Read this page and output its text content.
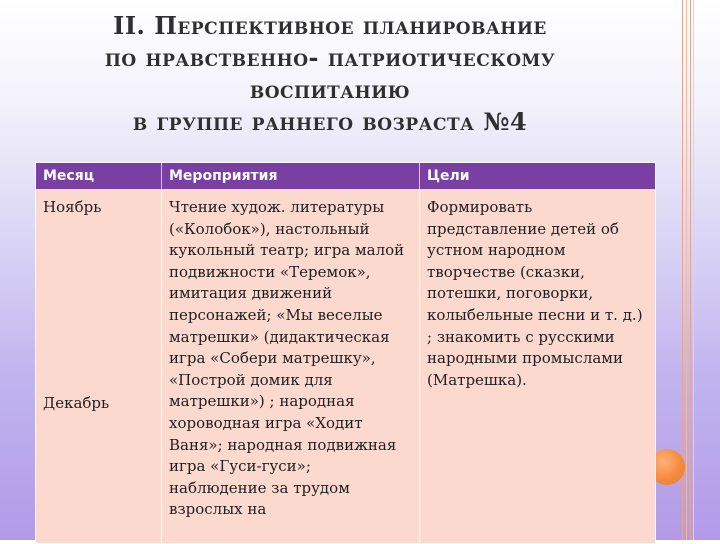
II. Перспективное планирование
по нравственно- патриотическому
воспитанию
в группе раннего возраста №4
Месяц	Мероприятия	Цели
Ноябрь
Декабрь
Чтение худож. литературы («Колобок»), настольный кукольный театр; игра малой подвижности «Теремок», имитация движений персонажей; «Мы веселые матрешки» (дидактическая игра «Собери матрешку», «Построй домик для матрешки») ; народная хороводная игра «Ходит Ваня»; народная подвижная игра «Гуси-гуси»; наблюдение за трудом взрослых на
Формировать представление детей об устном народном творчестве (сказки, потешки, поговорки, колыбельные песни и т. д.) ; знакомить с русскими народными промыслами (Матрешка).
